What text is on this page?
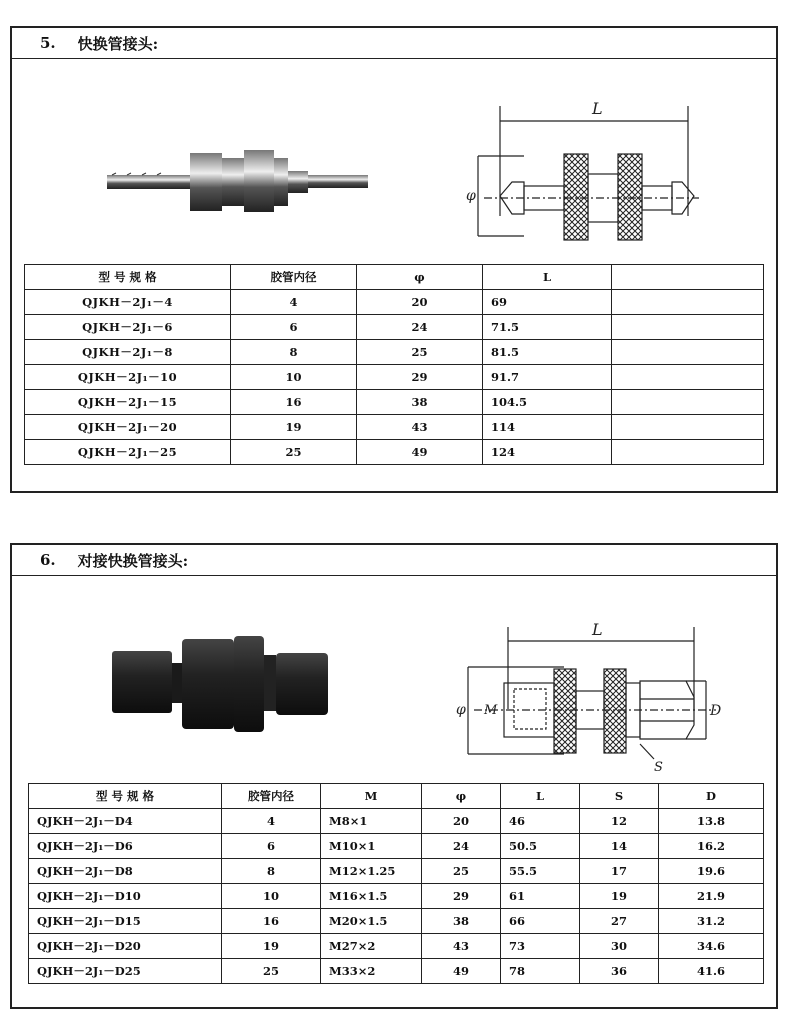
5. 快换管接头:
L
φ
型 号 规 格	胶管内径	φ	L	
QJKH－2J₁－4	4	20	69	
QJKH－2J₁－6	6	24	71.5	
QJKH－2J₁－8	8	25	81.5	
QJKH－2J₁－10	10	29	91.7	
QJKH－2J₁－15	16	38	104.5	
QJKH－2J₁－20	19	43	114	
QJKH－2J₁－25	25	49	124	
6. 对接快换管接头:
L
φ M	D
S
型 号 规 格	胶管内径	M	φ	L	S	D
QJKH－2J₁－D4	4	M8×1	20	46	12	13.8
QJKH－2J₁－D6	6	M10×1	24	50.5	14	16.2
QJKH－2J₁－D8	8	M12×1.25	25	55.5	17	19.6
QJKH－2J₁－D10	10	M16×1.5	29	61	19	21.9
QJKH－2J₁－D15	16	M20×1.5	38	66	27	31.2
QJKH－2J₁－D20	19	M27×2	43	73	30	34.6
QJKH－2J₁－D25	25	M33×2	49	78	36	41.6
